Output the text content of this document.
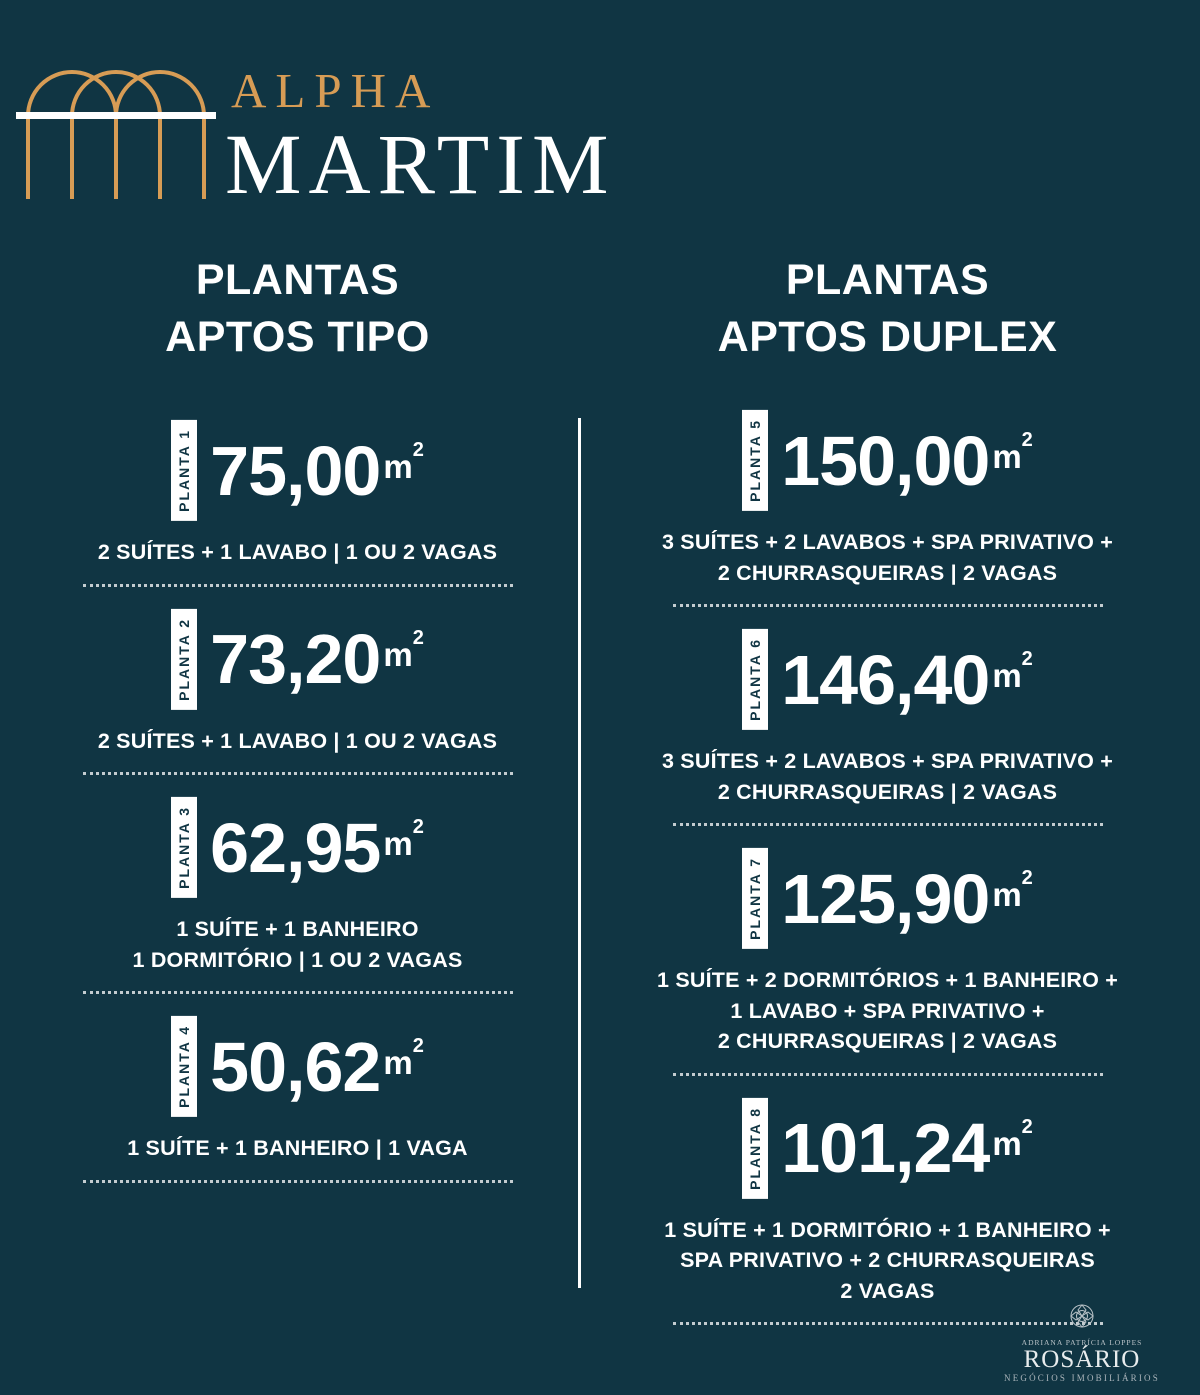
ALPHA
MARTIM
PLANTAS
APTOS TIPO
PLANTA 1 75,00 $m^2$
2 SUÍTES + 1 LAVABO | 1 OU 2 VAGAS
PLANTA 2 73,20 $m^2$
2 SUÍTES + 1 LAVABO | 1 OU 2 VAGAS
PLANTA 3 62,95 $m^2$
1 SUÍTE + 1 BANHEIRO
1 DORMITÓRIO | 1 OU 2 VAGAS
PLANTA 4 50,62 $m^2$
1 SUÍTE + 1 BANHEIRO | 1 VAGA
PLANTAS
APTOS DUPLEX
PLANTA 5 150,00 $m^2$
3 SUÍTES + 2 LAVABOS + SPA PRIVATIVO +
2 CHURRASQUEIRAS | 2 VAGAS
PLANTA 6 146,40 $m^2$
3 SUÍTES + 2 LAVABOS + SPA PRIVATIVO +
2 CHURRASQUEIRAS | 2 VAGAS
PLANTA 7 125,90 $m^2$
1 SUÍTE + 2 DORMITÓRIOS + 1 BANHEIRO +
1 LAVABO + SPA PRIVATIVO +
2 CHURRASQUEIRAS | 2 VAGAS
PLANTA 8 101,24 $m^2$
1 SUÍTE + 1 DORMITÓRIO + 1 BANHEIRO +
SPA PRIVATIVO + 2 CHURRASQUEIRAS
2 VAGAS
ADRIANA PATRÍCIA LOPPES
ROSÁRIO
NEGÓCIOS IMOBILIÁRIOS
